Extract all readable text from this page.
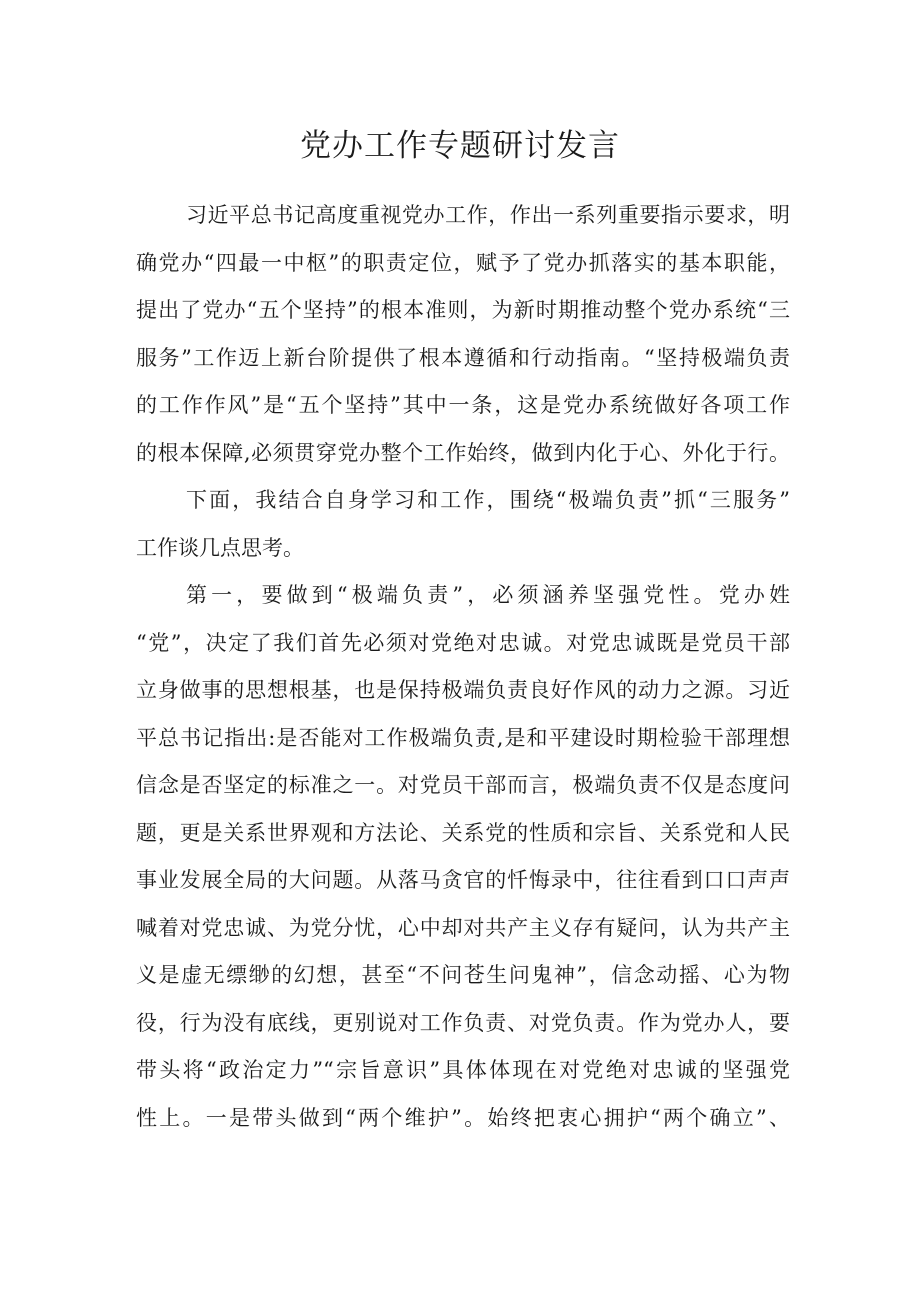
党办工作专题研讨发言
习近平总书记高度重视党办工作，作出一系列重要指示要求，明
确党办“四最一中枢”的职责定位，赋予了党办抓落实的基本职能，
提出了党办“五个坚持”的根本准则，为新时期推动整个党办系统“三
服务”工作迈上新台阶提供了根本遵循和行动指南。“坚持极端负责
的工作作风”是“五个坚持”其中一条，这是党办系统做好各项工作
的根本保障,必须贯穿党办整个工作始终，做到内化于心、外化于行。
下面，我结合自身学习和工作，围绕“极端负责”抓“三服务”
工作谈几点思考。
第一，要做到“极端负责”，必须涵养坚强党性。党办姓
“党”，决定了我们首先必须对党绝对忠诚。对党忠诚既是党员干部
立身做事的思想根基，也是保持极端负责良好作风的动力之源。习近
平总书记指出:是否能对工作极端负责,是和平建设时期检验干部理想
信念是否坚定的标准之一。对党员干部而言，极端负责不仅是态度问
题，更是关系世界观和方法论、关系党的性质和宗旨、关系党和人民
事业发展全局的大问题。从落马贪官的忏悔录中，往往看到口口声声
喊着对党忠诚、为党分忧，心中却对共产主义存有疑问，认为共产主
义是虚无缥缈的幻想，甚至“不问苍生问鬼神”，信念动摇、心为物
役，行为没有底线，更别说对工作负责、对党负责。作为党办人，要
带头将“政治定力”“宗旨意识”具体体现在对党绝对忠诚的坚强党
性上。一是带头做到“两个维护”。始终把衷心拥护“两个确立”、
